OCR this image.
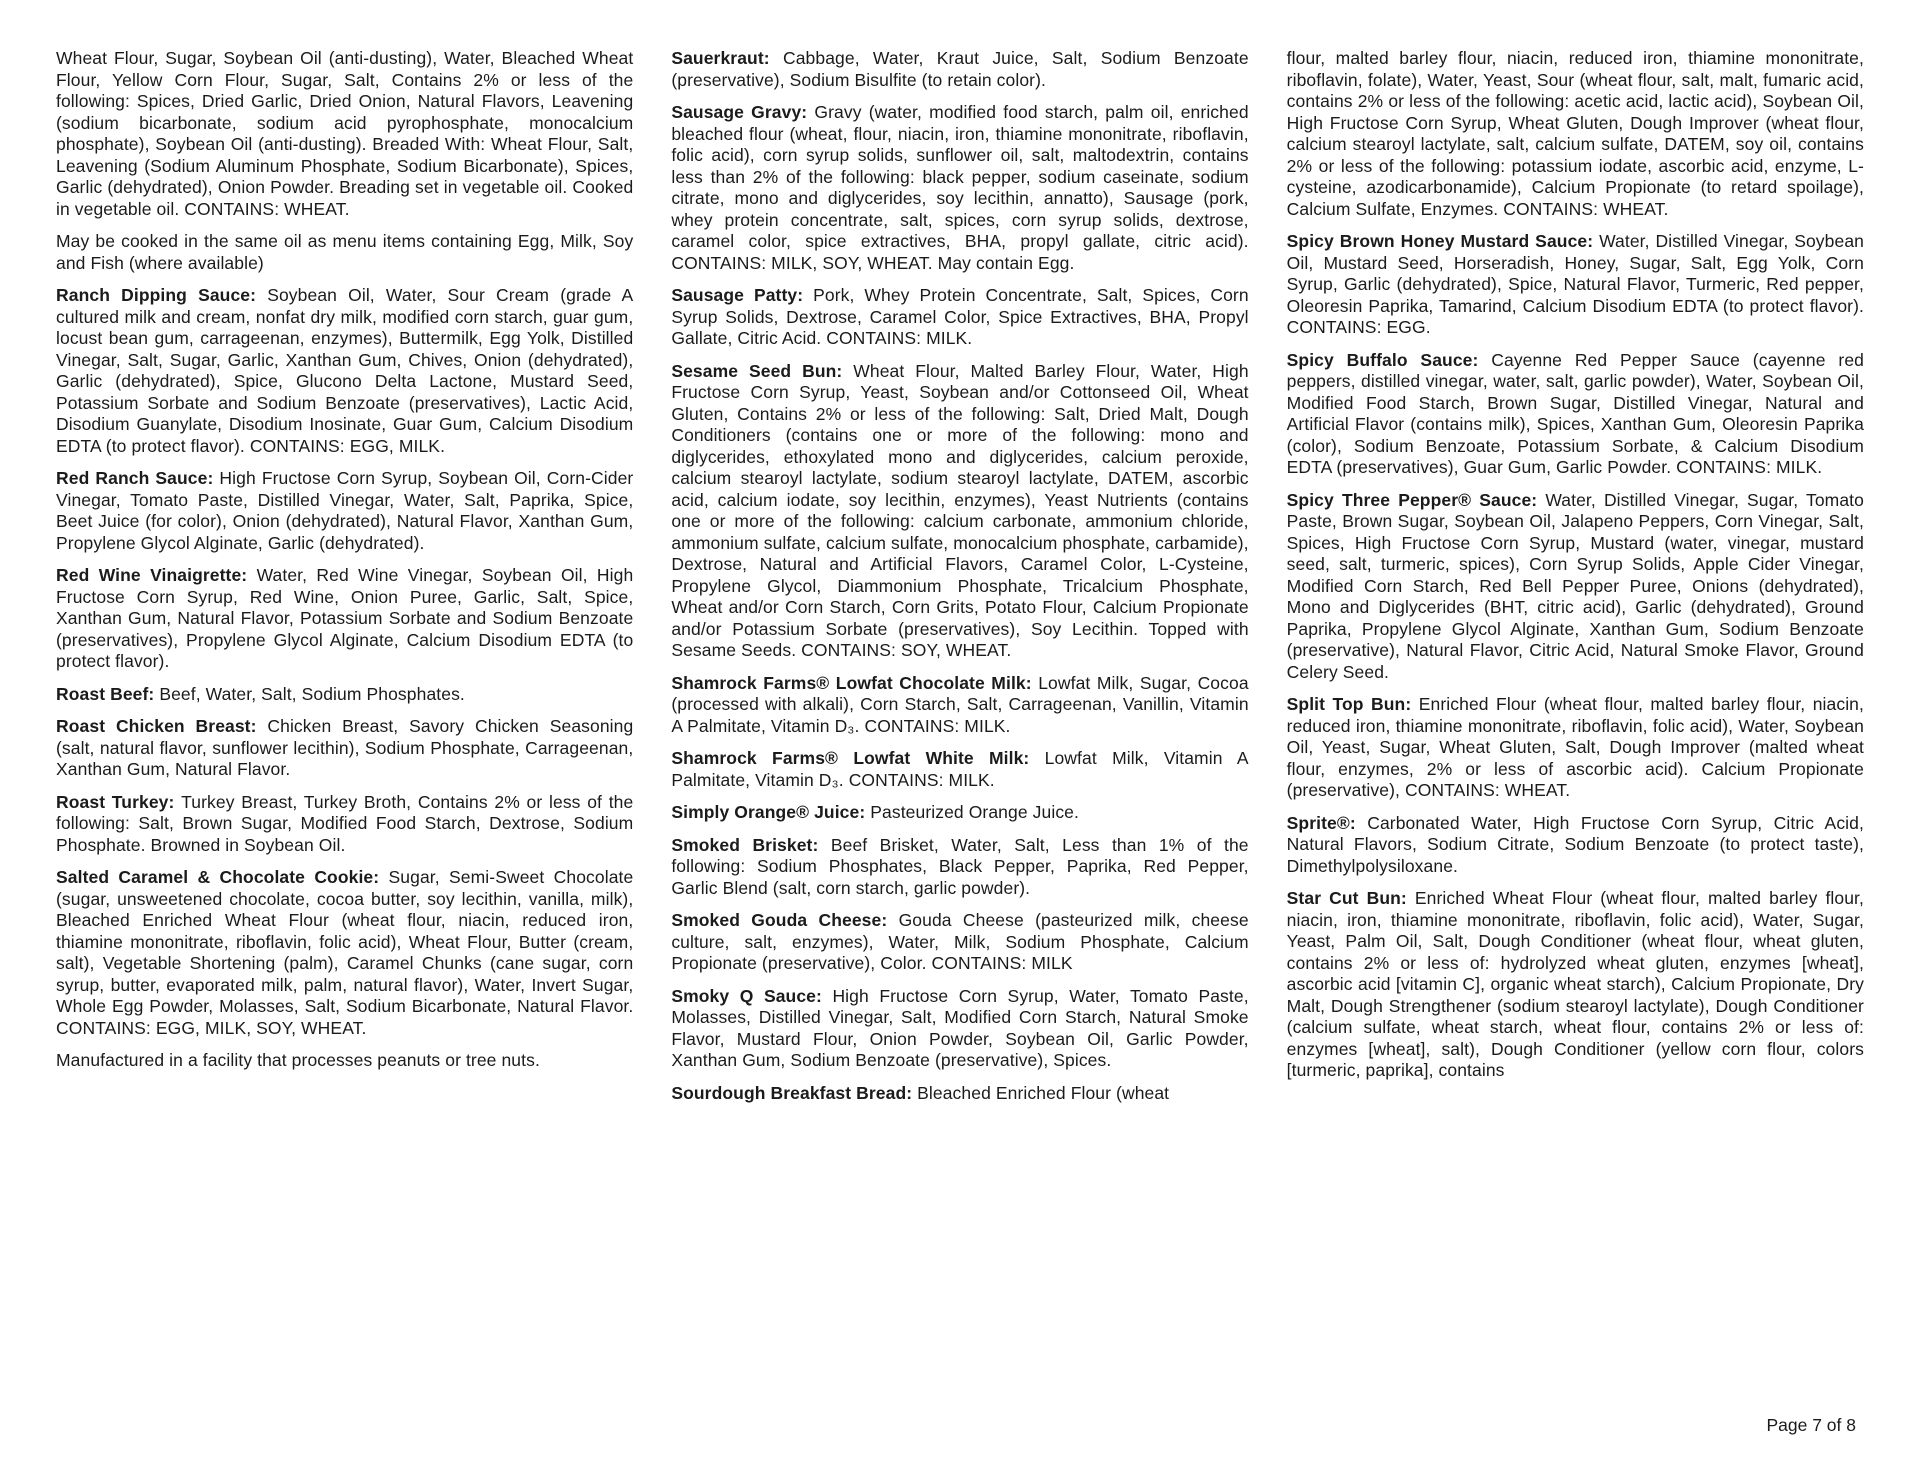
Wheat Flour, Sugar, Soybean Oil (anti-dusting), Water, Bleached Wheat Flour, Yellow Corn Flour, Sugar, Salt, Contains 2% or less of the following: Spices, Dried Garlic, Dried Onion, Natural Flavors, Leavening (sodium bicarbonate, sodium acid pyrophosphate, monocalcium phosphate), Soybean Oil (anti-dusting). Breaded With: Wheat Flour, Salt, Leavening (Sodium Aluminum Phosphate, Sodium Bicarbonate), Spices, Garlic (dehydrated), Onion Powder. Breading set in vegetable oil. Cooked in vegetable oil. CONTAINS: WHEAT.

May be cooked in the same oil as menu items containing Egg, Milk, Soy and Fish (where available)

Ranch Dipping Sauce: Soybean Oil, Water, Sour Cream (grade A cultured milk and cream, nonfat dry milk, modified corn starch, guar gum, locust bean gum, carrageenan, enzymes), Buttermilk, Egg Yolk, Distilled Vinegar, Salt, Sugar, Garlic, Xanthan Gum, Chives, Onion (dehydrated), Garlic (dehydrated), Spice, Glucono Delta Lactone, Mustard Seed, Potassium Sorbate and Sodium Benzoate (preservatives), Lactic Acid, Disodium Guanylate, Disodium Inosinate, Guar Gum, Calcium Disodium EDTA (to protect flavor). CONTAINS: EGG, MILK.

Red Ranch Sauce: High Fructose Corn Syrup, Soybean Oil, Corn-Cider Vinegar, Tomato Paste, Distilled Vinegar, Water, Salt, Paprika, Spice, Beet Juice (for color), Onion (dehydrated), Natural Flavor, Xanthan Gum, Propylene Glycol Alginate, Garlic (dehydrated).

Red Wine Vinaigrette: Water, Red Wine Vinegar, Soybean Oil, High Fructose Corn Syrup, Red Wine, Onion Puree, Garlic, Salt, Spice, Xanthan Gum, Natural Flavor, Potassium Sorbate and Sodium Benzoate (preservatives), Propylene Glycol Alginate, Calcium Disodium EDTA (to protect flavor).

Roast Beef: Beef, Water, Salt, Sodium Phosphates.

Roast Chicken Breast: Chicken Breast, Savory Chicken Seasoning (salt, natural flavor, sunflower lecithin), Sodium Phosphate, Carrageenan, Xanthan Gum, Natural Flavor.

Roast Turkey: Turkey Breast, Turkey Broth, Contains 2% or less of the following: Salt, Brown Sugar, Modified Food Starch, Dextrose, Sodium Phosphate. Browned in Soybean Oil.

Salted Caramel & Chocolate Cookie: Sugar, Semi-Sweet Chocolate (sugar, unsweetened chocolate, cocoa butter, soy lecithin, vanilla, milk), Bleached Enriched Wheat Flour (wheat flour, niacin, reduced iron, thiamine mononitrate, riboflavin, folic acid), Wheat Flour, Butter (cream, salt), Vegetable Shortening (palm), Caramel Chunks (cane sugar, corn syrup, butter, evaporated milk, palm, natural flavor), Water, Invert Sugar, Whole Egg Powder, Molasses, Salt, Sodium Bicarbonate, Natural Flavor. CONTAINS: EGG, MILK, SOY, WHEAT.

Manufactured in a facility that processes peanuts or tree nuts.

Sauerkraut: Cabbage, Water, Kraut Juice, Salt, Sodium Benzoate (preservative), Sodium Bisulfite (to retain color).

Sausage Gravy: Gravy (water, modified food starch, palm oil, enriched bleached flour (wheat, flour, niacin, iron, thiamine mononitrate, riboflavin, folic acid), corn syrup solids, sunflower oil, salt, maltodextrin, contains less than 2% of the following: black pepper, sodium caseinate, sodium citrate, mono and diglycerides, soy lecithin, annatto), Sausage (pork, whey protein concentrate, salt, spices, corn syrup solids, dextrose, caramel color, spice extractives, BHA, propyl gallate, citric acid). CONTAINS: MILK, SOY, WHEAT. May contain Egg.

Sausage Patty: Pork, Whey Protein Concentrate, Salt, Spices, Corn Syrup Solids, Dextrose, Caramel Color, Spice Extractives, BHA, Propyl Gallate, Citric Acid. CONTAINS: MILK.

Sesame Seed Bun: Wheat Flour, Malted Barley Flour, Water, High Fructose Corn Syrup, Yeast, Soybean and/or Cottonseed Oil, Wheat Gluten, Contains 2% or less of the following: Salt, Dried Malt, Dough Conditioners (contains one or more of the following: mono and diglycerides, ethoxylated mono and diglycerides, calcium peroxide, calcium stearoyl lactylate, sodium stearoyl lactylate, DATEM, ascorbic acid, calcium iodate, soy lecithin, enzymes), Yeast Nutrients (contains one or more of the following: calcium carbonate, ammonium chloride, ammonium sulfate, calcium sulfate, monocalcium phosphate, carbamide), Dextrose, Natural and Artificial Flavors, Caramel Color, L-Cysteine, Propylene Glycol, Diammonium Phosphate, Tricalcium Phosphate, Wheat and/or Corn Starch, Corn Grits, Potato Flour, Calcium Propionate and/or Potassium Sorbate (preservatives), Soy Lecithin. Topped with Sesame Seeds. CONTAINS: SOY, WHEAT.

Shamrock Farms® Lowfat Chocolate Milk: Lowfat Milk, Sugar, Cocoa (processed with alkali), Corn Starch, Salt, Carrageenan, Vanillin, Vitamin A Palmitate, Vitamin D₃. CONTAINS: MILK.

Shamrock Farms® Lowfat White Milk: Lowfat Milk, Vitamin A Palmitate, Vitamin D₃. CONTAINS: MILK.

Simply Orange® Juice: Pasteurized Orange Juice.

Smoked Brisket: Beef Brisket, Water, Salt, Less than 1% of the following: Sodium Phosphates, Black Pepper, Paprika, Red Pepper, Garlic Blend (salt, corn starch, garlic powder).

Smoked Gouda Cheese: Gouda Cheese (pasteurized milk, cheese culture, salt, enzymes), Water, Milk, Sodium Phosphate, Calcium Propionate (preservative), Color. CONTAINS: MILK

Smoky Q Sauce: High Fructose Corn Syrup, Water, Tomato Paste, Molasses, Distilled Vinegar, Salt, Modified Corn Starch, Natural Smoke Flavor, Mustard Flour, Onion Powder, Soybean Oil, Garlic Powder, Xanthan Gum, Sodium Benzoate (preservative), Spices.

Sourdough Breakfast Bread: Bleached Enriched Flour (wheat

flour, malted barley flour, niacin, reduced iron, thiamine mononitrate, riboflavin, folate), Water, Yeast, Sour (wheat flour, salt, malt, fumaric acid, contains 2% or less of the following: acetic acid, lactic acid), Soybean Oil, High Fructose Corn Syrup, Wheat Gluten, Dough Improver (wheat flour, calcium stearoyl lactylate, salt, calcium sulfate, DATEM, soy oil, contains 2% or less of the following: potassium iodate, ascorbic acid, enzyme, L-cysteine, azodicarbonamide), Calcium Propionate (to retard spoilage), Calcium Sulfate, Enzymes. CONTAINS: WHEAT.

Spicy Brown Honey Mustard Sauce: Water, Distilled Vinegar, Soybean Oil, Mustard Seed, Horseradish, Honey, Sugar, Salt, Egg Yolk, Corn Syrup, Garlic (dehydrated), Spice, Natural Flavor, Turmeric, Red pepper, Oleoresin Paprika, Tamarind, Calcium Disodium EDTA (to protect flavor). CONTAINS: EGG.

Spicy Buffalo Sauce: Cayenne Red Pepper Sauce (cayenne red peppers, distilled vinegar, water, salt, garlic powder), Water, Soybean Oil, Modified Food Starch, Brown Sugar, Distilled Vinegar, Natural and Artificial Flavor (contains milk), Spices, Xanthan Gum, Oleoresin Paprika (color), Sodium Benzoate, Potassium Sorbate, & Calcium Disodium EDTA (preservatives), Guar Gum, Garlic Powder. CONTAINS: MILK.

Spicy Three Pepper® Sauce: Water, Distilled Vinegar, Sugar, Tomato Paste, Brown Sugar, Soybean Oil, Jalapeno Peppers, Corn Vinegar, Salt, Spices, High Fructose Corn Syrup, Mustard (water, vinegar, mustard seed, salt, turmeric, spices), Corn Syrup Solids, Apple Cider Vinegar, Modified Corn Starch, Red Bell Pepper Puree, Onions (dehydrated), Mono and Diglycerides (BHT, citric acid), Garlic (dehydrated), Ground Paprika, Propylene Glycol Alginate, Xanthan Gum, Sodium Benzoate (preservative), Natural Flavor, Citric Acid, Natural Smoke Flavor, Ground Celery Seed.

Split Top Bun: Enriched Flour (wheat flour, malted barley flour, niacin, reduced iron, thiamine mononitrate, riboflavin, folic acid), Water, Soybean Oil, Yeast, Sugar, Wheat Gluten, Salt, Dough Improver (malted wheat flour, enzymes, 2% or less of ascorbic acid). Calcium Propionate (preservative), CONTAINS: WHEAT.

Sprite®: Carbonated Water, High Fructose Corn Syrup, Citric Acid, Natural Flavors, Sodium Citrate, Sodium Benzoate (to protect taste), Dimethylpolysiloxane.

Star Cut Bun: Enriched Wheat Flour (wheat flour, malted barley flour, niacin, iron, thiamine mononitrate, riboflavin, folic acid), Water, Sugar, Yeast, Palm Oil, Salt, Dough Conditioner (wheat flour, wheat gluten, contains 2% or less of: hydrolyzed wheat gluten, enzymes [wheat], ascorbic acid [vitamin C], organic wheat starch), Calcium Propionate, Dry Malt, Dough Strengthener (sodium stearoyl lactylate), Dough Conditioner (calcium sulfate, wheat starch, wheat flour, contains 2% or less of: enzymes [wheat], salt), Dough Conditioner (yellow corn flour, colors [turmeric, paprika], contains

Page 7 of 8
